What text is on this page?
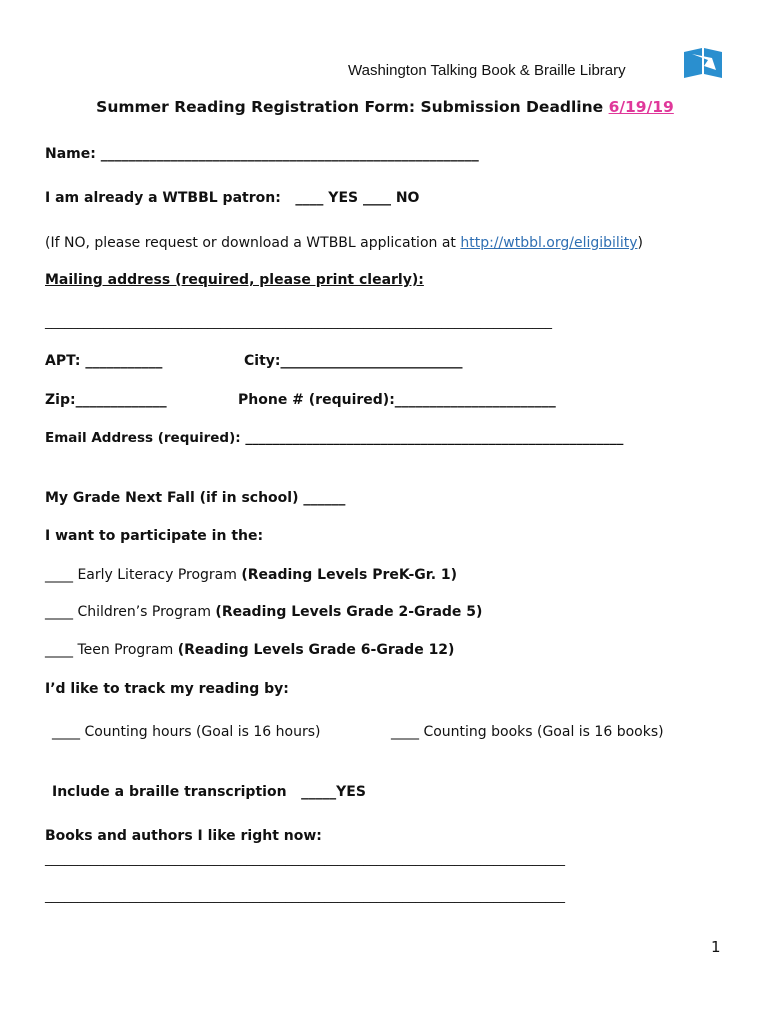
Washington Talking Book & Braille Library
Summer Reading Registration Form: Submission Deadline 6/19/19
Name: ______________________________________________________
I am already a WTBBL patron:   ____ YES ____ NO
(If NO, please request or download a WTBBL application at http://wtbbl.org/eligibility)
Mailing address (required, please print clearly):
______________________________________________________________________________
APT: ___________	City:__________________________
Zip:_____________	Phone # (required):_______________________
Email Address (required): ________________________________________________________
My Grade Next Fall (if in school) ______
I want to participate in the:
____ Early Literacy Program (Reading Levels PreK-Gr. 1)
____ Children’s Program (Reading Levels Grade 2-Grade 5)
____ Teen Program (Reading Levels Grade 6-Grade 12)
I’d like to track my reading by:
____ Counting hours (Goal is 16 hours)	____ Counting books (Goal is 16 books)
Include a braille transcription _____YES
Books and authors I like right now:
________________________________________________________________________________
________________________________________________________________________________
1
